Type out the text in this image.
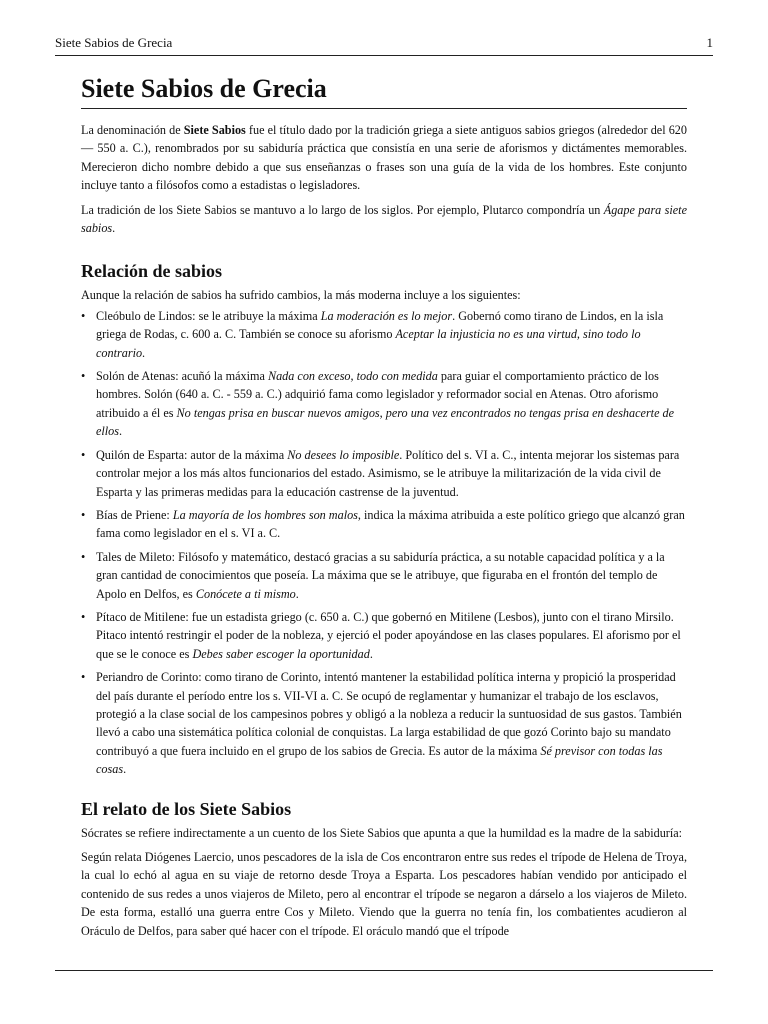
Siete Sabios de Grecia	1
Siete Sabios de Grecia

La denominación de Siete Sabios fue el título dado por la tradición griega a siete antiguos sabios griegos (alrededor del 620 ― 550 a. C.), renombrados por su sabiduría práctica que consistía en una serie de aforismos y dictámentes memorables. Merecieron dicho nombre debido a que sus enseñanzas o frases son una guía de la vida de los hombres. Este conjunto incluye tanto a filósofos como a estadistas o legisladores.

La tradición de los Siete Sabios se mantuvo a lo largo de los siglos. Por ejemplo, Plutarco compondría un Ágape para siete sabios.

Relación de sabios

Aunque la relación de sabios ha sufrido cambios, la más moderna incluye a los siguientes:

• Cleóbulo de Lindos: se le atribuye la máxima La moderación es lo mejor. Gobernó como tirano de Lindos, en la isla griega de Rodas, c. 600 a. C. También se conoce su aforismo Aceptar la injusticia no es una virtud, sino todo lo contrario.
• Solón de Atenas: acuñó la máxima Nada con exceso, todo con medida para guiar el comportamiento práctico de los hombres. Solón (640 a. C. - 559 a. C.) adquirió fama como legislador y reformador social en Atenas. Otro aforismo atribuido a él es No tengas prisa en buscar nuevos amigos, pero una vez encontrados no tengas prisa en deshacerte de ellos.
• Quilón de Esparta: autor de la máxima No desees lo imposible. Político del s. VI a. C., intenta mejorar los sistemas para controlar mejor a los más altos funcionarios del estado. Asimismo, se le atribuye la militarización de la vida civil de Esparta y las primeras medidas para la educación castrense de la juventud.
• Bías de Priene: La mayoría de los hombres son malos, indica la máxima atribuida a este político griego que alcanzó gran fama como legislador en el s. VI a. C.
• Tales de Mileto: Filósofo y matemático, destacó gracias a su sabiduría práctica, a su notable capacidad política y a la gran cantidad de conocimientos que poseía. La máxima que se le atribuye, que figuraba en el frontón del templo de Apolo en Delfos, es Conócete a ti mismo.
• Pítaco de Mitilene: fue un estadista griego (c. 650 a. C.) que gobernó en Mitilene (Lesbos), junto con el tirano Mirsilo. Pitaco intentó restringir el poder de la nobleza, y ejerció el poder apoyándose en las clases populares. El aforismo por el que se le conoce es Debes saber escoger la oportunidad.
• Periandro de Corinto: como tirano de Corinto, intentó mantener la estabilidad política interna y propició la prosperidad del país durante el período entre los s. VII-VI a. C. Se ocupó de reglamentar y humanizar el trabajo de los esclavos, protegió a la clase social de los campesinos pobres y obligó a la nobleza a reducir la suntuosidad de sus gastos. También llevó a cabo una sistemática política colonial de conquistas. La larga estabilidad de que gozó Corinto bajo su mandato contribuyó a que fuera incluido en el grupo de los sabios de Grecia. Es autor de la máxima Sé previsor con todas las cosas.
El relato de los Siete Sabios

Sócrates se refiere indirectamente a un cuento de los Siete Sabios que apunta a que la humildad es la madre de la sabiduría:

Según relata Diógenes Laercio, unos pescadores de la isla de Cos encontraron entre sus redes el trípode de Helena de Troya, la cual lo echó al agua en su viaje de retorno desde Troya a Esparta. Los pescadores habían vendido por anticipado el contenido de sus redes a unos viajeros de Mileto, pero al encontrar el trípode se negaron a dárselo a los viajeros de Mileto. De esta forma, estalló una guerra entre Cos y Mileto. Viendo que la guerra no tenía fin, los combatientes acudieron al Oráculo de Delfos, para saber qué hacer con el trípode. El oráculo mandó que el trípode
